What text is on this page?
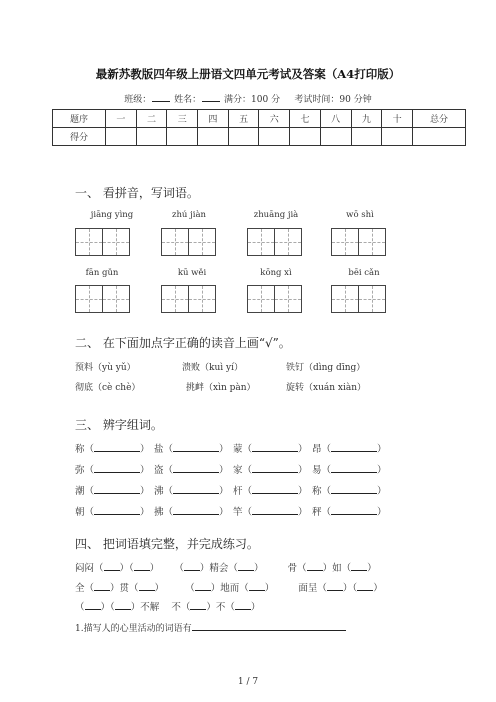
最新苏教版四年级上册语文四单元考试及答案（A4打印版）
班级：	姓名：	满分：100 分 考试时间：90 分钟
题序	一	二	三	四	五	六	七	八	九	十	总分
得分											
一、 看拼音，写词语。
jiāng yìng	zhú jiàn	zhuāng jià	wō shì
fān gǔn	kū wěi	kōng xì	bēi cǎn
二、 在下面加点字正确的读音上画“√”。
预料（yù yǔ）	溃败（kuì yí）	铁钉（dìng dīng）
彻底（cè chè）	挑衅（xìn pàn）	旋转（xuán xiàn）
三、 辨字组词。
称（	） 盐（	） 蒙（	） 昂（	）
弥（	） 盗（	） 家（	） 易（	）
潮（	） 沸（	） 杆（	） 称（	）
朝（	） 拂（	） 竿（	） 秤（	）
四、 把词语填完整，并完成练习。
闷闷（ ）（ ） （ ）精会（ ）	骨（ ）如（ ）
全（ ）贯（ ） （ ）地而（ ）	面呈（ ）（ ）
（ ）（ ）不解 不（ ）不（ ）
1.描写人的心里活动的词语有
1 / 7
